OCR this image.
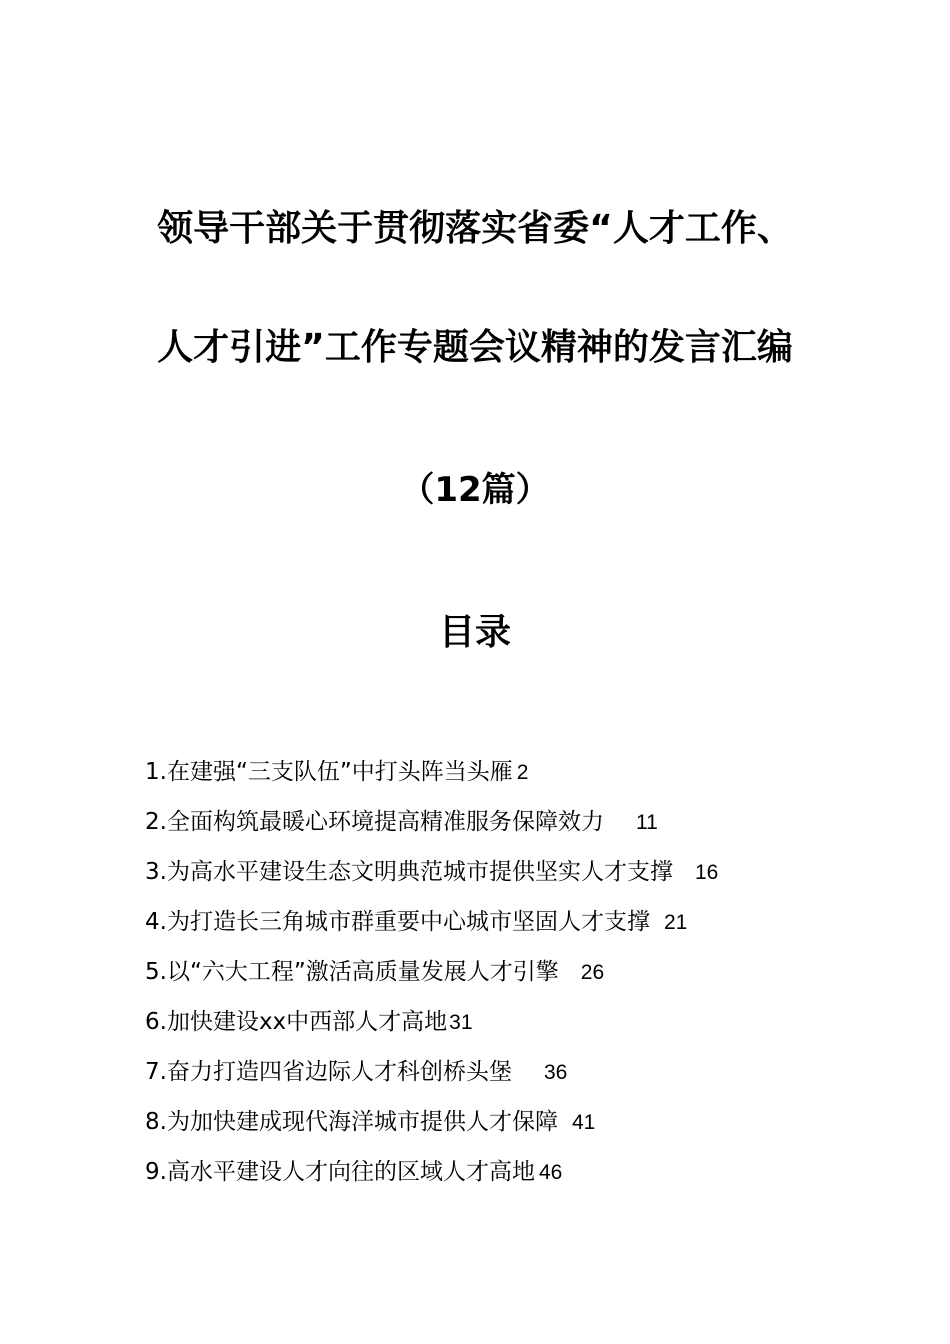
领导干部关于贯彻落实省委“人才工作、
人才引进”工作专题会议精神的发言汇编
（12篇）
目录
1.在建强“三支队伍”中打头阵当头雁 2
2.全面构筑最暖心环境提高精准服务保障效力 11
3.为高水平建设生态文明典范城市提供坚实人才支撑 16
4.为打造长三角城市群重要中心城市坚固人才支撑 21
5.以“六大工程”激活高质量发展人才引擎 26
6.加快建设xx中西部人才高地31
7.奋力打造四省边际人才科创桥头堡 36
8.为加快建成现代海洋城市提供人才保障 41
9.高水平建设人才向往的区域人才高地 46
